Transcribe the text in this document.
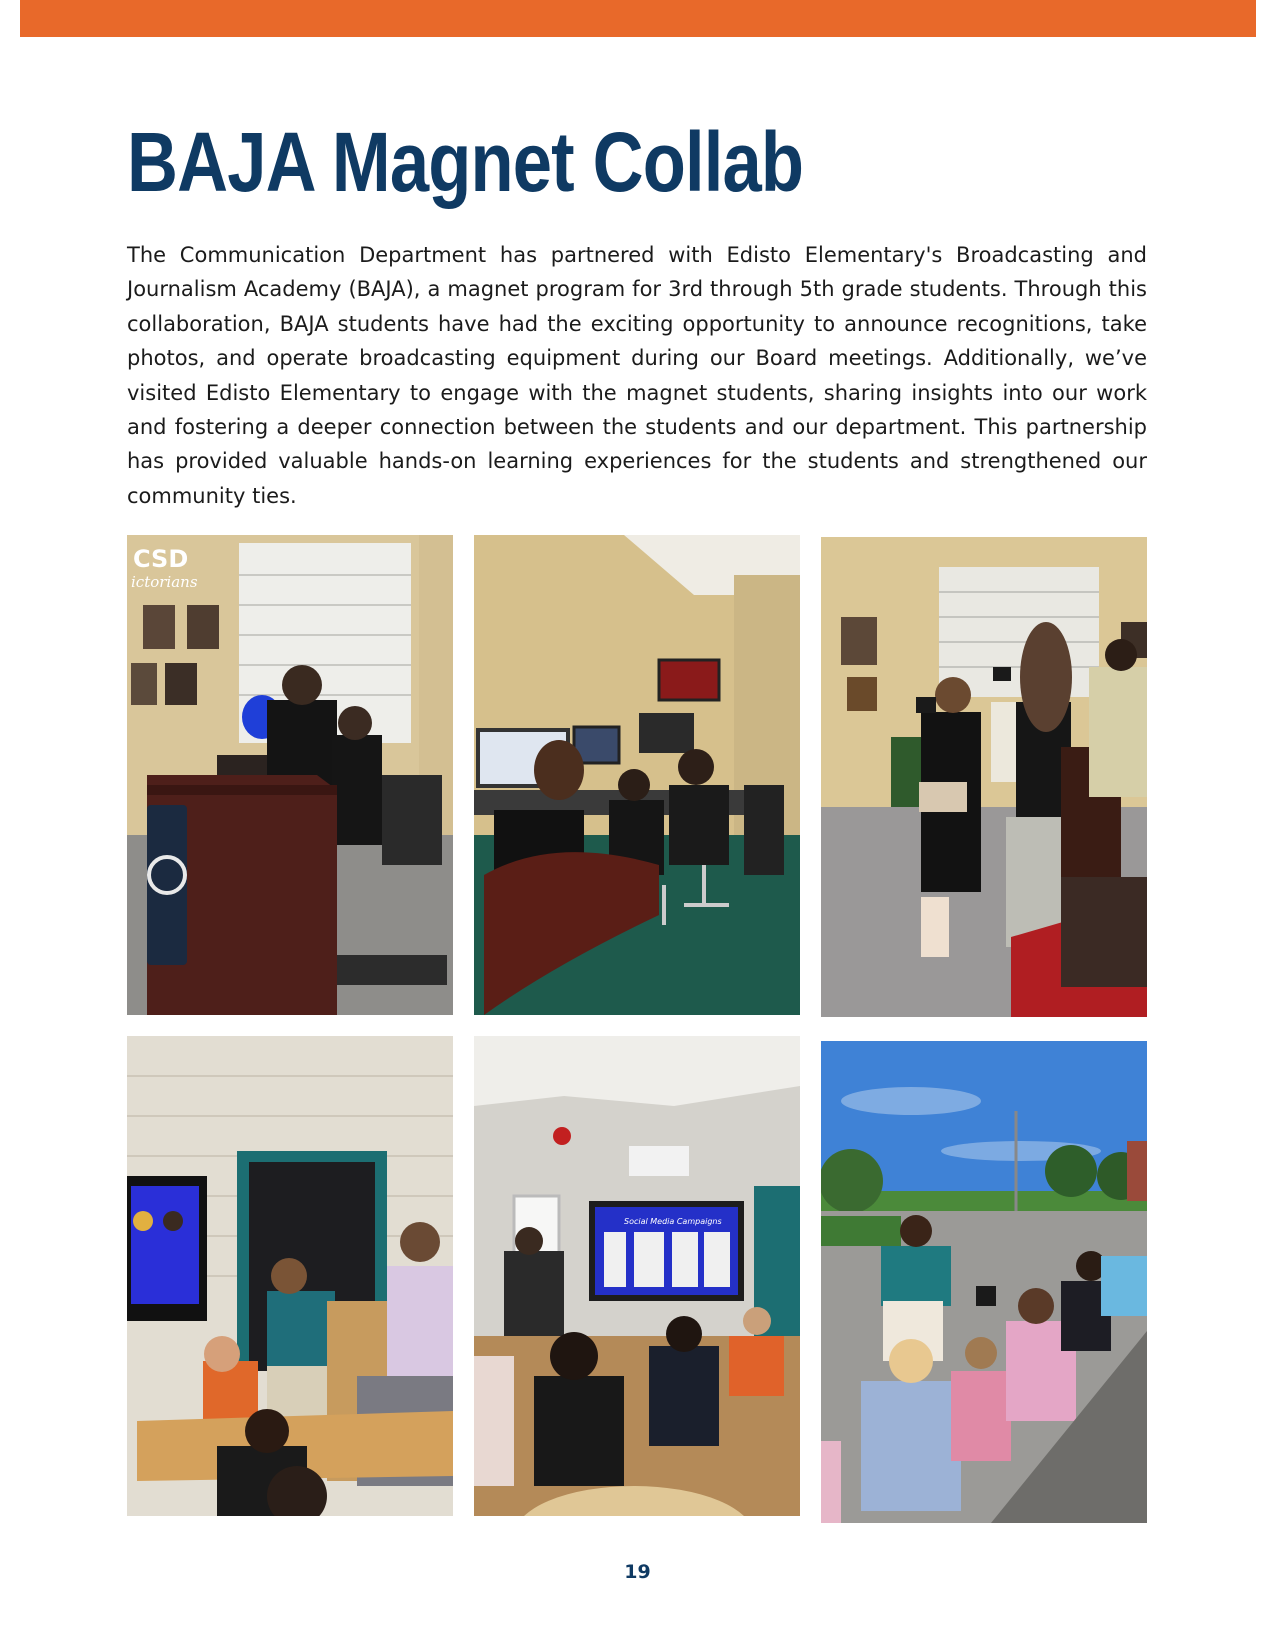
BAJA Magnet Collab

The Communication Department has partnered with Edisto Elementary's Broadcasting and Journalism Academy (BAJA), a magnet program for 3rd through 5th grade students. Through this collaboration, BAJA students have had the exciting opportunity to announce recognitions, take photos, and operate broadcasting equipment during our Board meetings. Additionally, we’ve visited Edisto Elementary to engage with the magnet students, sharing insights into our work and fostering a deeper connection between the students and our department. This partnership has provided valuable hands-on learning experiences for the students and strengthened our community ties.

CSD
ictorians
Social Media Campaigns
19
